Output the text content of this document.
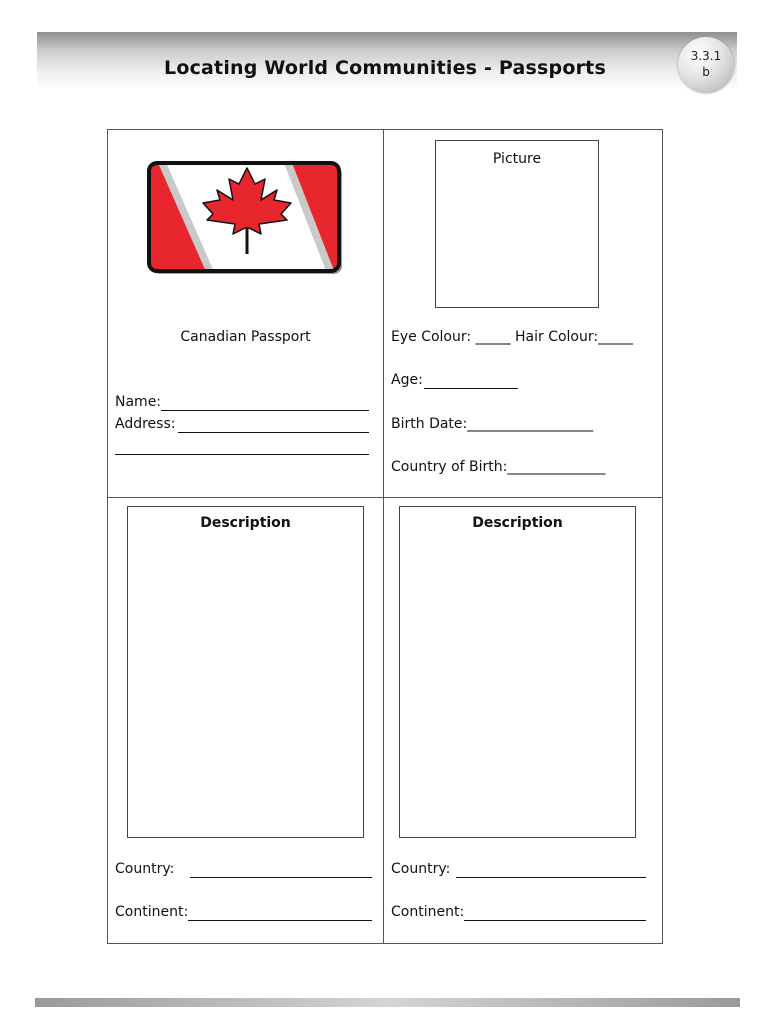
Locating World Communities - Passports
3.3.1
b
Canadian Passport
Name:
Address:
Picture
Eye Colour: _____ Hair Colour:_____
Age:
Birth Date:__________________
Country of Birth:______________
Description
Country:
Continent:
Description
Country:
Continent:
